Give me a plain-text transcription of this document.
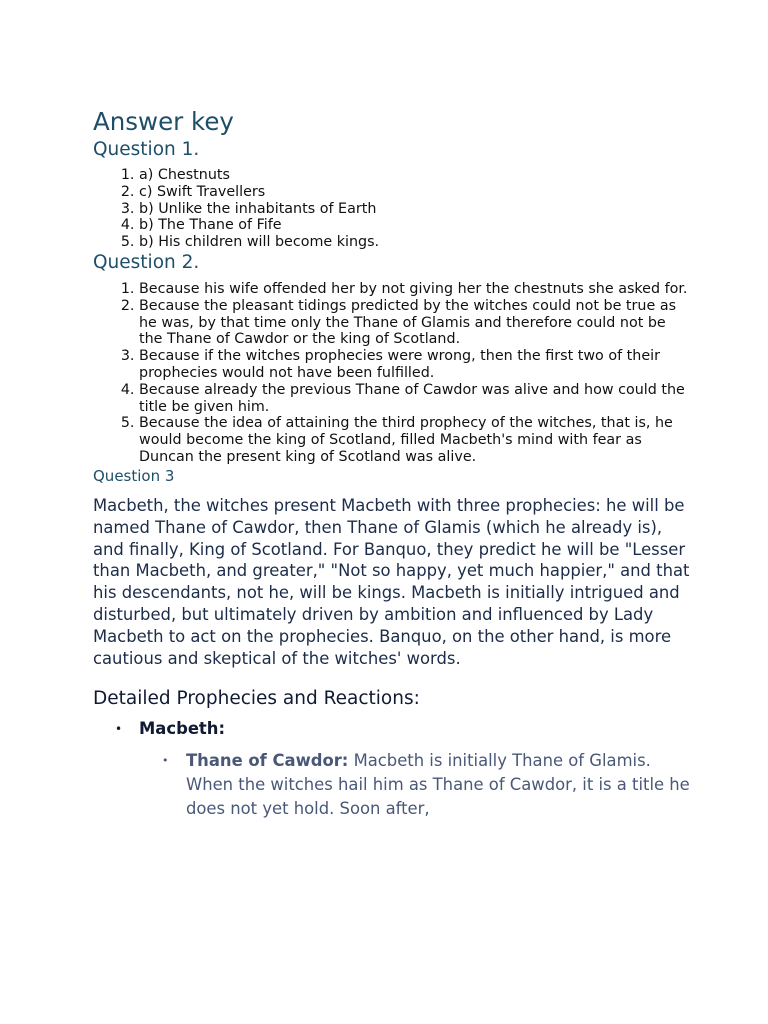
Answer key
Question 1.
1. a) Chestnuts
2. c) Swift Travellers
3. b) Unlike the inhabitants of Earth
4. b) The Thane of Fife
5. b) His children will become kings.
Question 2.
1. Because his wife offended her by not giving her the chestnuts she asked for.
2. Because the pleasant tidings predicted by the witches could not be true as he was, by that time only the Thane of Glamis and therefore could not be the Thane of Cawdor or the king of Scotland.
3. Because if the witches prophecies were wrong, then the first two of their prophecies would not have been fulfilled.
4. Because already the previous Thane of Cawdor was alive and how could the title be given him.
5. Because the idea of attaining the third prophecy of the witches, that is, he would become the king of Scotland, filled Macbeth's mind with fear as Duncan the present king of Scotland was alive.
Question 3

Macbeth, the witches present Macbeth with three prophecies: he will be named Thane of Cawdor, then Thane of Glamis (which he already is), and finally, King of Scotland. For Banquo, they predict he will be "Lesser than Macbeth, and greater," "Not so happy, yet much happier," and that his descendants, not he, will be kings. Macbeth is initially intrigued and disturbed, but ultimately driven by ambition and influenced by Lady Macbeth to act on the prophecies. Banquo, on the other hand, is more cautious and skeptical of the witches' words.

Detailed Prophecies and Reactions:
• Macbeth:
• Thane of Cawdor: Macbeth is initially Thane of Glamis. When the witches hail him as Thane of Cawdor, it is a title he does not yet hold. Soon after,
